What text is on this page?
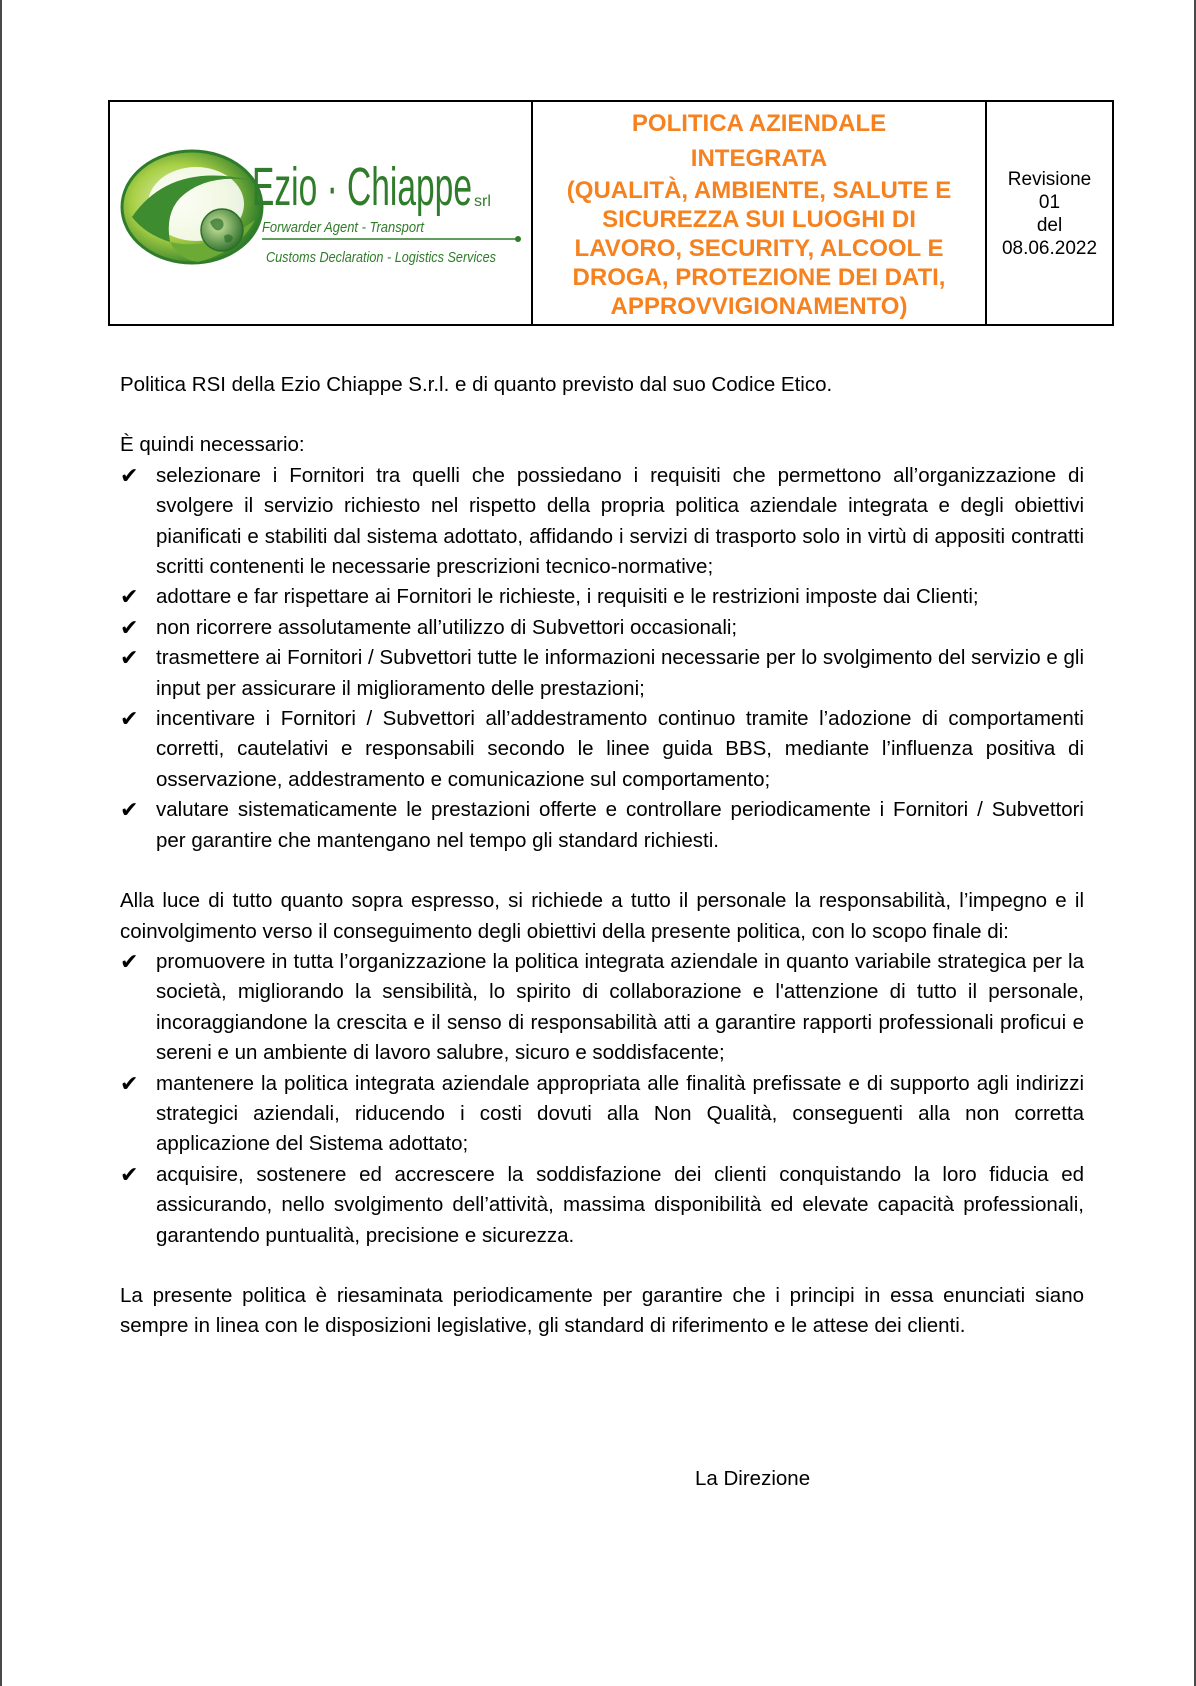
Ezio · Chiappe srl
Forwarder Agent - Transport
Customs Declaration - Logistics Services
POLITICA AZIENDALE
INTEGRATA
(QUALITÀ, AMBIENTE, SALUTE E
SICUREZZA SUI LUOGHI DI
LAVORO, SECURITY, ALCOOL E
DROGA, PROTEZIONE DEI DATI,
APPROVVIGIONAMENTO)
Revisione
01
del
08.06.2022

Politica RSI della Ezio Chiappe S.r.l. e di quanto previsto dal suo Codice Etico.

È quindi necessario:

✔ selezionare i Fornitori tra quelli che possiedano i requisiti che permettono all’organizzazione di svolgere il servizio richiesto nel rispetto della propria politica aziendale integrata e degli obiettivi pianificati e stabiliti dal sistema adottato, affidando i servizi di trasporto solo in virtù di appositi contratti scritti contenenti le necessarie prescrizioni tecnico-normative;
✔ adottare e far rispettare ai Fornitori le richieste, i requisiti e le restrizioni imposte dai Clienti;
✔ non ricorrere assolutamente all’utilizzo di Subvettori occasionali;
✔ trasmettere ai Fornitori / Subvettori tutte le informazioni necessarie per lo svolgimento del servizio e gli input per assicurare il miglioramento delle prestazioni;
✔ incentivare i Fornitori / Subvettori all’addestramento continuo tramite l’adozione di comportamenti corretti, cautelativi e responsabili secondo le linee guida BBS, mediante l’influenza positiva di osservazione, addestramento e comunicazione sul comportamento;
✔ valutare sistematicamente le prestazioni offerte e controllare periodicamente i Fornitori / Subvettori per garantire che mantengano nel tempo gli standard richiesti.

Alla luce di tutto quanto sopra espresso, si richiede a tutto il personale la responsabilità, l’impegno e il coinvolgimento verso il conseguimento degli obiettivi della presente politica, con lo scopo finale di:

✔ promuovere in tutta l’organizzazione la politica integrata aziendale in quanto variabile strategica per la società, migliorando la sensibilità, lo spirito di collaborazione e l'attenzione di tutto il personale, incoraggiandone la crescita e il senso di responsabilità atti a garantire rapporti professionali proficui e sereni e un ambiente di lavoro salubre, sicuro e soddisfacente;
✔ mantenere la politica integrata aziendale appropriata alle finalità prefissate e di supporto agli indirizzi strategici aziendali, riducendo i costi dovuti alla Non Qualità, conseguenti alla non corretta applicazione del Sistema adottato;
✔ acquisire, sostenere ed accrescere la soddisfazione dei clienti conquistando la loro fiducia ed assicurando, nello svolgimento dell’attività, massima disponibilità ed elevate capacità professionali, garantendo puntualità, precisione e sicurezza.

La presente politica è riesaminata periodicamente per garantire che i principi in essa enunciati siano sempre in linea con le disposizioni legislative, gli standard di riferimento e le attese dei clienti.

La Direzione
